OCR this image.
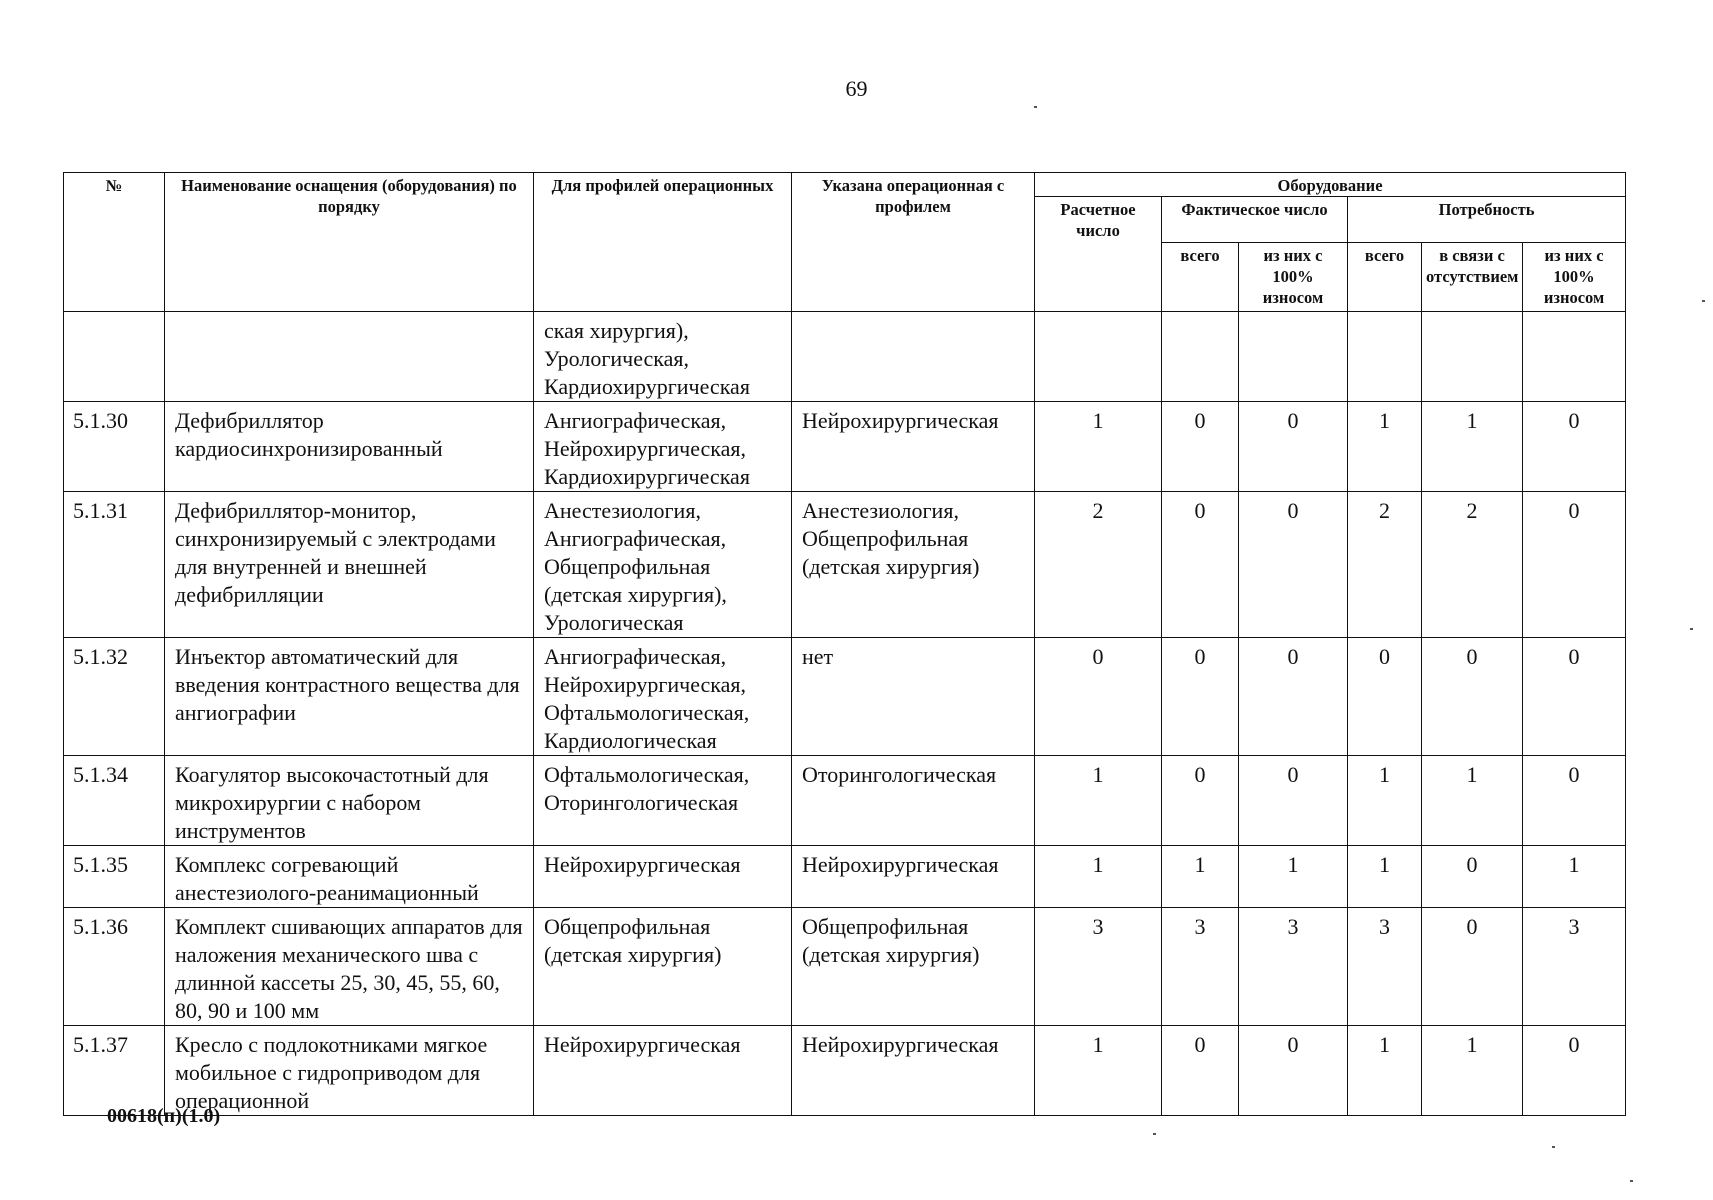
69
№	Наименование оснащения (оборудования) по порядку	Для профилей операционных	Указана операционная с профилем	Оборудование					
				Расчетное число	Фактическое число		Потребность		
					всего	из них с 100% износом	всего	в связи с отсутствием	из них с 100% износом
		ская хирургия), Урологическая, Кардиохирургическая							
5.1.30	Дефибриллятор кардиосинхронизированный	Ангиографическая, Нейрохирургическая, Кардиохирургическая	Нейрохирургическая	1	0	0	1	1	0
5.1.31	Дефибриллятор-монитор, синхронизируемый с электродами для внутренней и внешней дефибрилляции	Анестезиология, Ангиографическая, Общепрофильная (детская хирургия), Урологическая	Анестезиология, Общепрофильная (детская хирургия)	2	0	0	2	2	0
5.1.32	Инъектор автоматический для введения контрастного вещества для ангиографии	Ангиографическая, Нейрохирургическая, Офтальмологическая, Кардиологическая	нет	0	0	0	0	0	0
5.1.34	Коагулятор высокочастотный для микрохирургии с набором инструментов	Офтальмологическая, Оторингологическая	Оторингологическая	1	0	0	1	1	0
5.1.35	Комплекс согревающий анестезиолого-реанимационный	Нейрохирургическая	Нейрохирургическая	1	1	1	1	0	1
5.1.36	Комплект сшивающих аппаратов для наложения механического шва с длинной кассеты 25, 30, 45, 55, 60, 80, 90 и 100 мм	Общепрофильная (детская хирургия)	Общепрофильная (детская хирургия)	3	3	3	3	0	3
5.1.37	Кресло с подлокотниками мягкое мобильное с гидроприводом для операционной	Нейрохирургическая	Нейрохирургическая	1	0	0	1	1	0
00618(п)(1.0)
